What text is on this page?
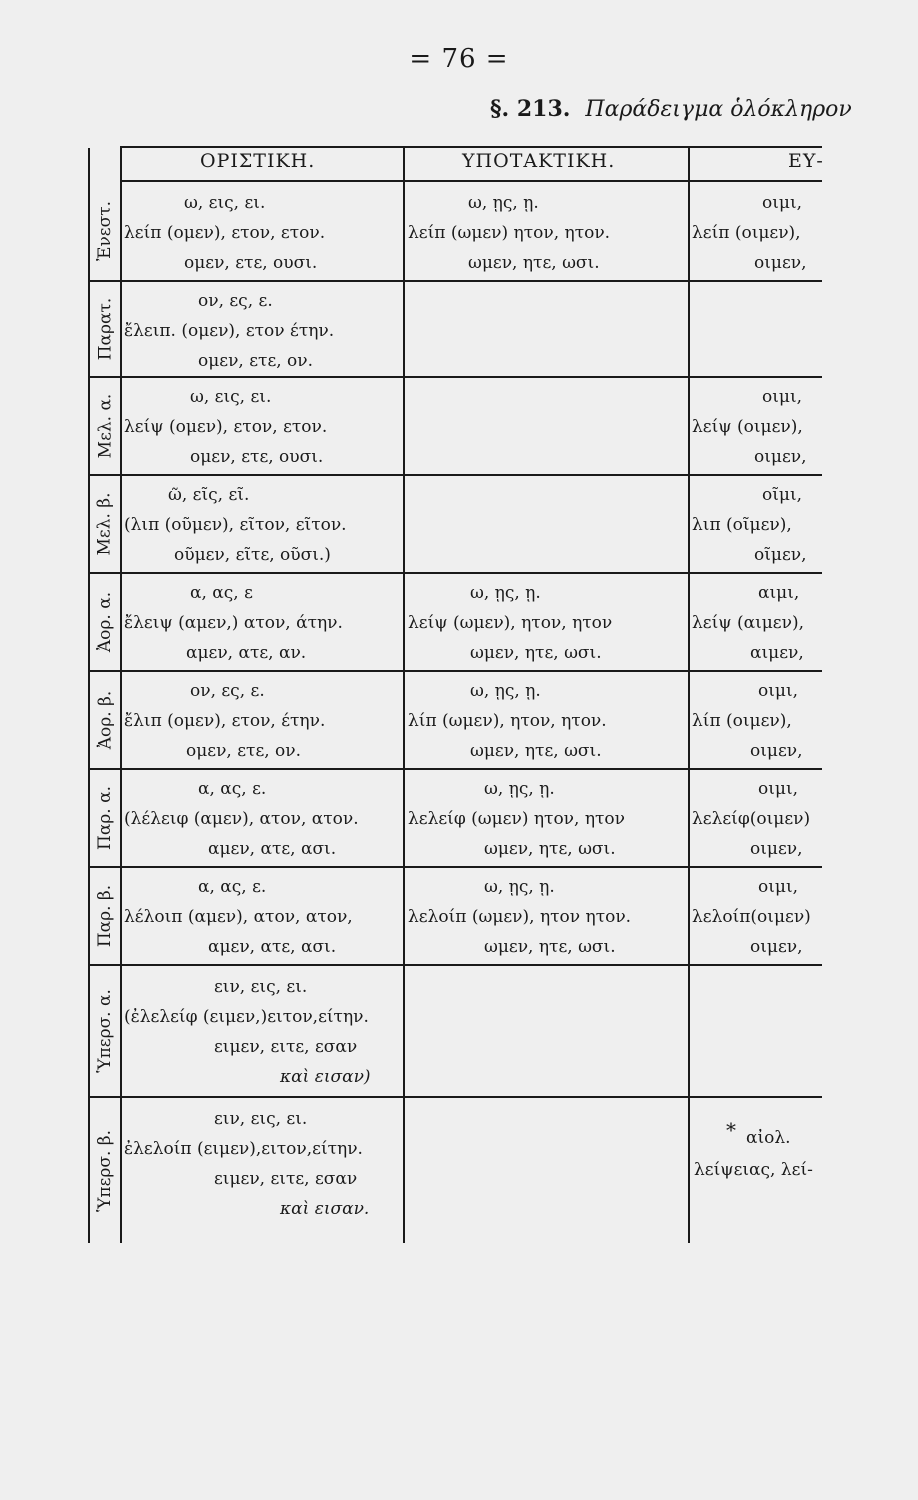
= 76 =
§. 213. Παράδειγμα ὁλόκληρον
ΟΡΙΣΤΙΚΗ.	ΥΠΟΤΑΚΤΙΚΗ.	ΕΥ-
Ἐνεστ.
Παρατ.
Μελ. α.
Μελ. β.
Ἀορ. α.
Ἀορ. β.
Παρ. α.
Παρ. β.
Ὑπερσ. α.
Ὑπερσ. β.
ω, εις, ει.
λείπ (ομεν), ετον, ετον.
ομεν, ετε, ουσι.
ω, ῃς, ῃ.
λείπ (ωμεν) ητον, ητον.
ωμεν, ητε, ωσι.
οιμι,
λείπ (οιμεν),
οιμεν,
ον, ες, ε.
ἔλειπ. (ομεν), ετον έτην.
ομεν, ετε, ον.
ω, εις, ει.
λείψ (ομεν), ετον, ετον.
ομεν, ετε, ουσι.
οιμι,
λείψ (οιμεν),
οιμεν,
ῶ, εῖς, εῖ.
(λιπ (οῦμεν), εῖτον, εῖτον.
οῦμεν, εῖτε, οῦσι.)
οῖμι,
λιπ (οῖμεν),
οῖμεν,
α, ας, ε
ἔλειψ (αμεν,) ατον, άτην.
αμεν, ατε, αν.
ω, ῃς, ῃ.
λείψ (ωμεν), ητον, ητον
ωμεν, ητε, ωσι.
αιμι,
λείψ (αιμεν),
αιμεν,
ον, ες, ε.
ἔλιπ (ομεν), ετον, έτην.
ομεν, ετε, ον.
ω, ῃς, ῃ.
λίπ (ωμεν), ητον, ητον.
ωμεν, ητε, ωσι.
οιμι,
λίπ (οιμεν),
οιμεν,
α, ας, ε.
(λέλειφ (αμεν), ατον, ατον.
αμεν, ατε, ασι.
ω, ῃς, ῃ.
λελείφ (ωμεν) ητον, ητον
ωμεν, ητε, ωσι.
οιμι,
λελείφ(οιμεν)
οιμεν,
α, ας, ε.
λέλοιπ (αμεν), ατον, ατον,
αμεν, ατε, ασι.
ω, ῃς, ῃ.
λελοίπ (ωμεν), ητον ητον.
ωμεν, ητε, ωσι.
οιμι,
λελοίπ(οιμεν)
οιμεν,
ειν, εις, ει.
(ἐλελείφ (ειμεν,)ειτον,είτην.
ειμεν, ειτε, εσαν
καὶ εισαν)
ειν, εις, ει.
ἐλελοίπ (ειμεν),ειτον,είτην.
ειμεν, ειτε, εσαν
καὶ εισαν.
* αἰολ.
λείψειας, λεί-
